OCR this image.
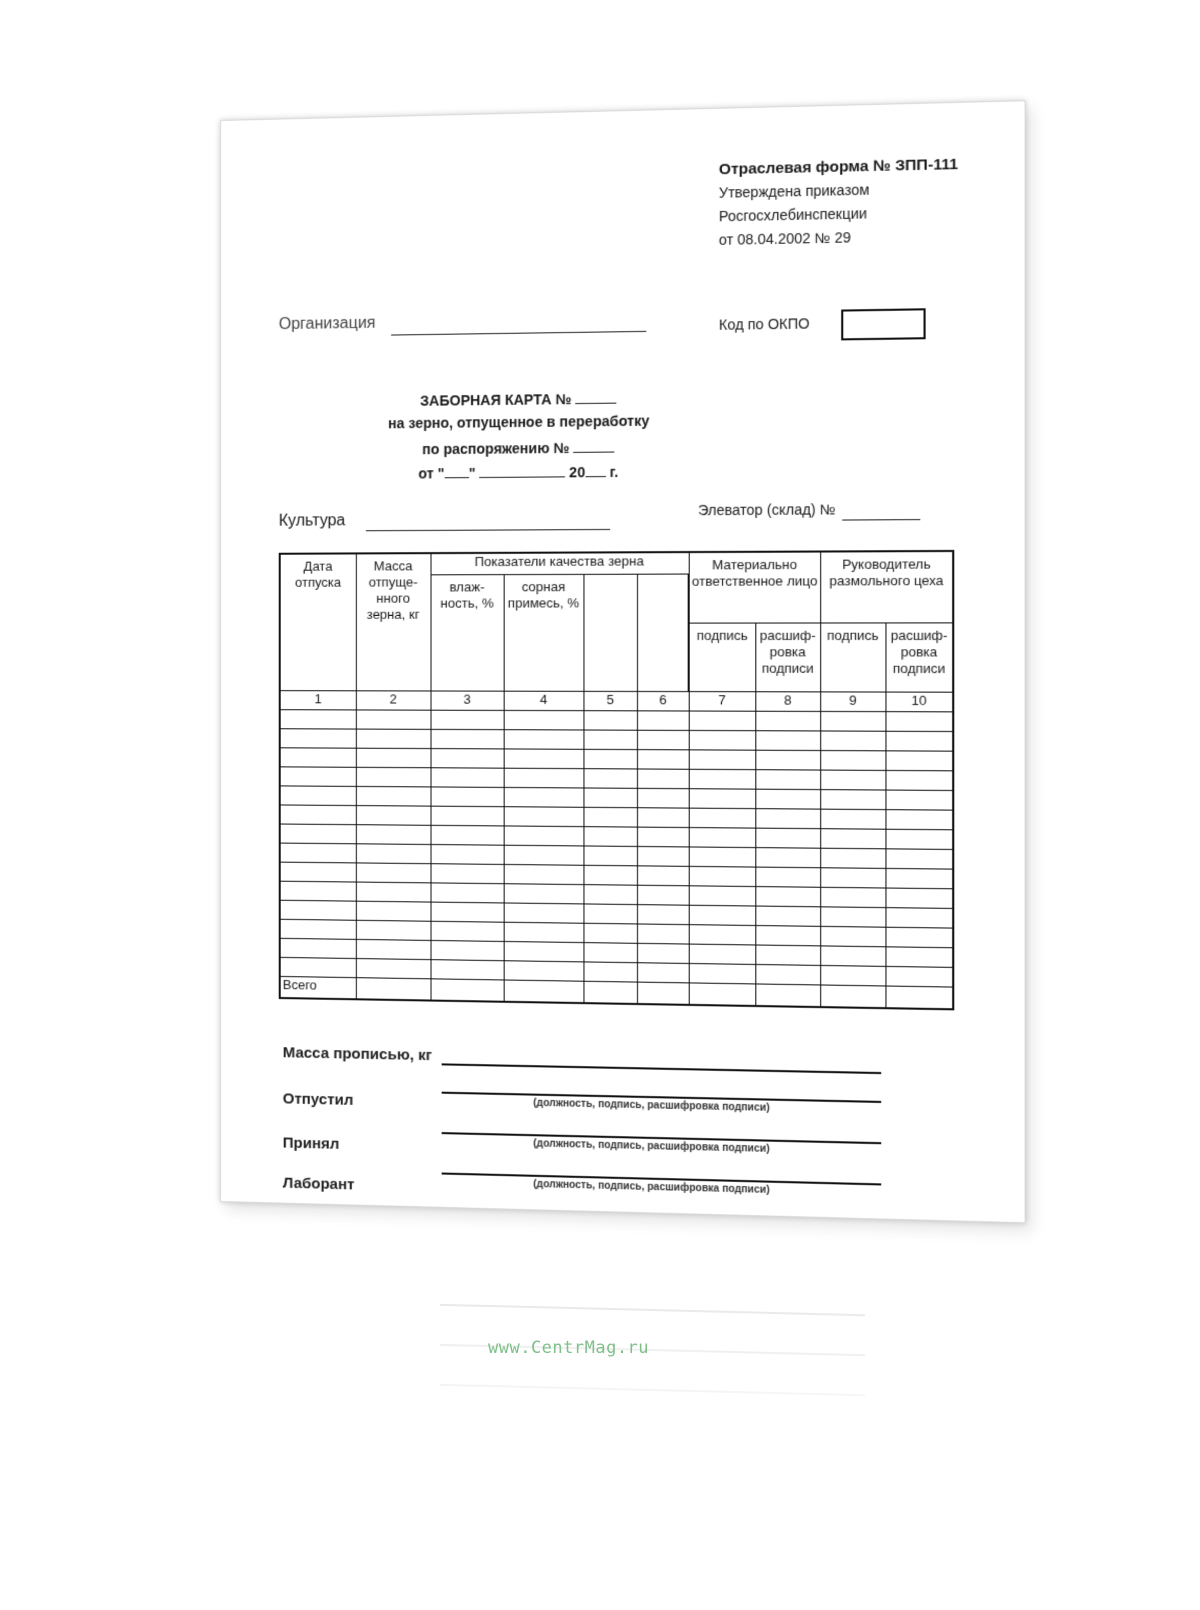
Отраслевая форма № ЗПП-111
Утверждена приказом
Росгосхлебинспекции
от 08.04.2002 № 29
Организация	Код по ОКПО
ЗАБОРНАЯ КАРТА №
на зерно, отпущенное в переработку
по распоряжению №
от " "	20 г.
Культура
Элеватор (склад) №
Дата отпуска	Масса отпуще-нного зерна, кг	Показатели качества зерна				Материально ответственное лицо		Руководитель размольного цеха	
		влаж-ность, %	сорная примесь, %						
						подпись	расшиф-ровка подписи	подпись	расшиф-ровка подписи
1	2	3	4	5	6	7	8	9	10

Всего									
Масса прописью, кг
Отпустил	(должность, подпись, расшифровка подписи)
Принял	(должность, подпись, расшифровка подписи)
Лаборант	(должность, подпись, расшифровка подписи)
www.CentrMag.ru
